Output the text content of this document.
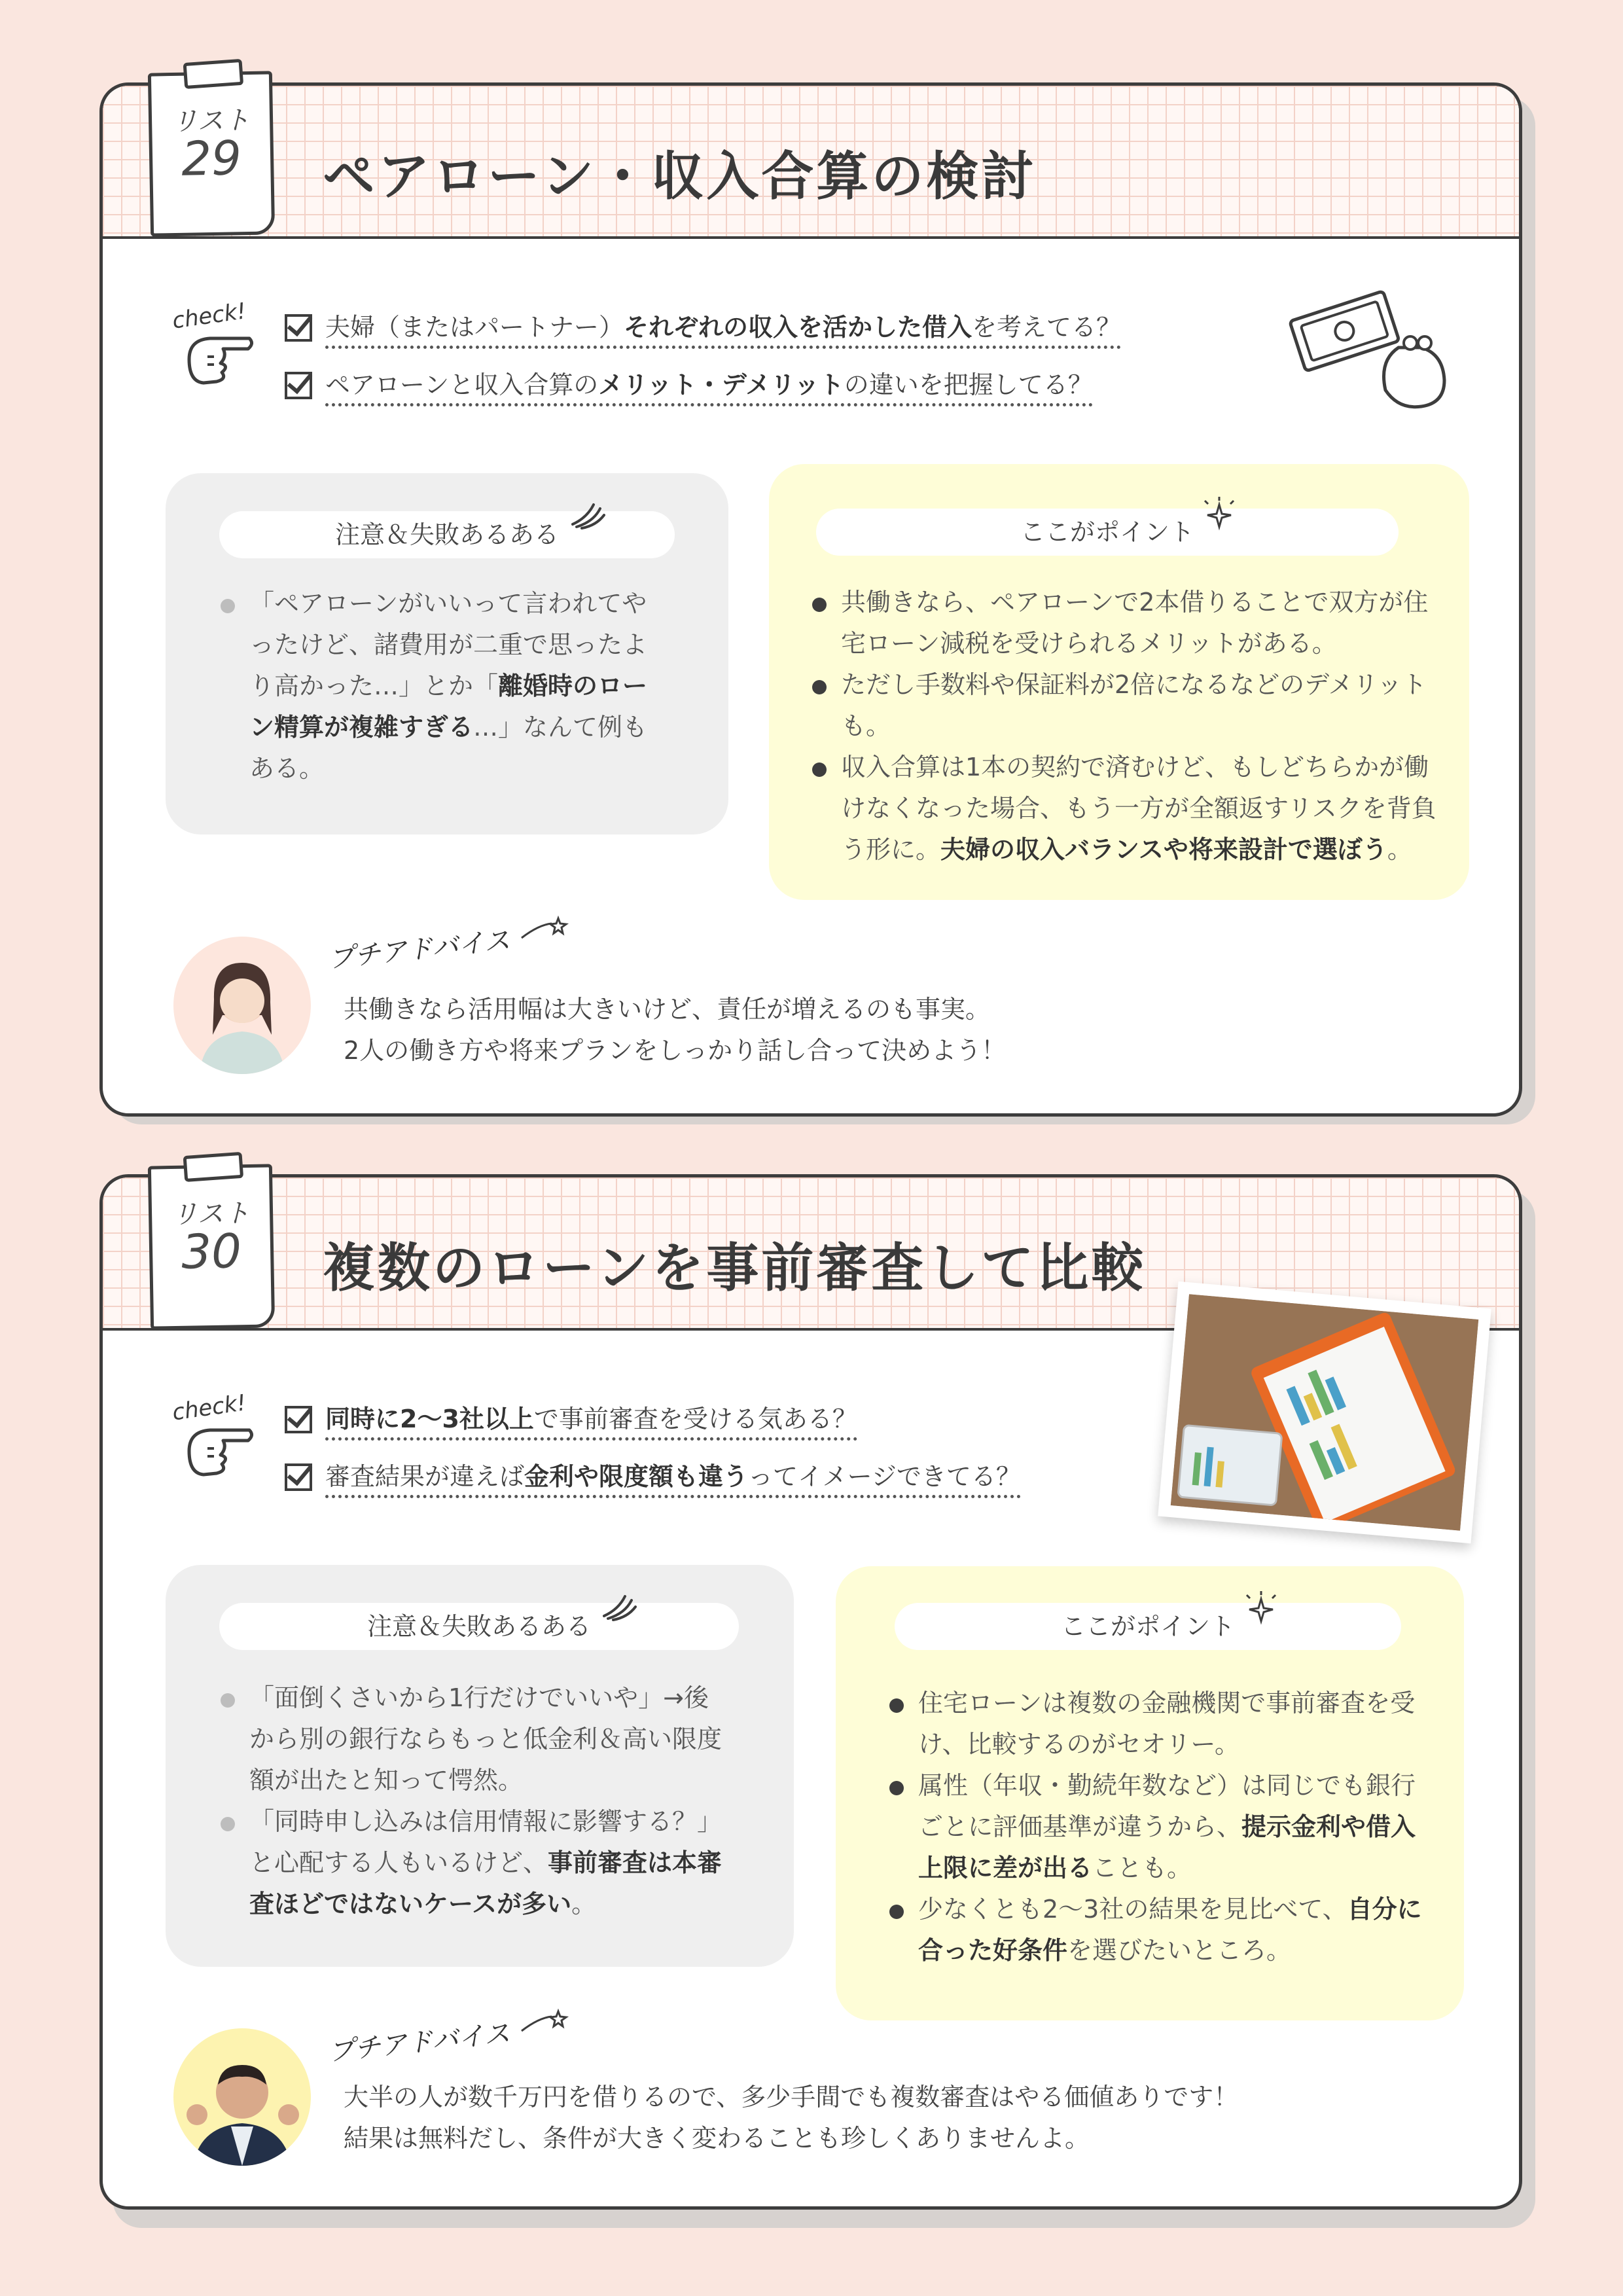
ペアローン・収入合算の検討
check!	夫婦（またはパートナー）それぞれの収入を活かした借入を考えてる？
ペアローンと収入合算のメリット・デメリットの違いを把握してる？
注意＆失敗あるある
「ペアローンがいいって言われてやったけど、諸費用が二重で思ったより高かった…」とか「離婚時のローン精算が複雑すぎる…」なんて例もある。
ここがポイント
共働きなら、ペアローンで2本借りることで双方が住宅ローン減税を受けられるメリットがある。
ただし手数料や保証料が2倍になるなどのデメリットも。
収入合算は1本の契約で済むけど、もしどちらかが働けなくなった場合、もう一方が全額返すリスクを背負う形に。夫婦の収入バランスや将来設計で選ぼう。
プチアドバイス

共働きなら活用幅は大きいけど、責任が増えるのも事実。
2人の働き方や将来プランをしっかり話し合って決めよう！

リスト
29
複数のローンを事前審査して比較
check!	同時に2〜3社以上で事前審査を受ける気ある？
審査結果が違えば金利や限度額も違うってイメージできてる？
注意＆失敗あるある
「面倒くさいから1行だけでいいや」→後から別の銀行ならもっと低金利＆高い限度額が出たと知って愕然。
「同時申し込みは信用情報に影響する？」と心配する人もいるけど、事前審査は本審査ほどではないケースが多い。
ここがポイント
住宅ローンは複数の金融機関で事前審査を受け、比較するのがセオリー。
属性（年収・勤続年数など）は同じでも銀行ごとに評価基準が違うから、提示金利や借入上限に差が出ることも。
少なくとも2〜3社の結果を見比べて、自分に合った好条件を選びたいところ。
プチアドバイス

大半の人が数千万円を借りるので、多少手間でも複数審査はやる価値ありです！
結果は無料だし、条件が大きく変わることも珍しくありませんよ。

リスト
30
